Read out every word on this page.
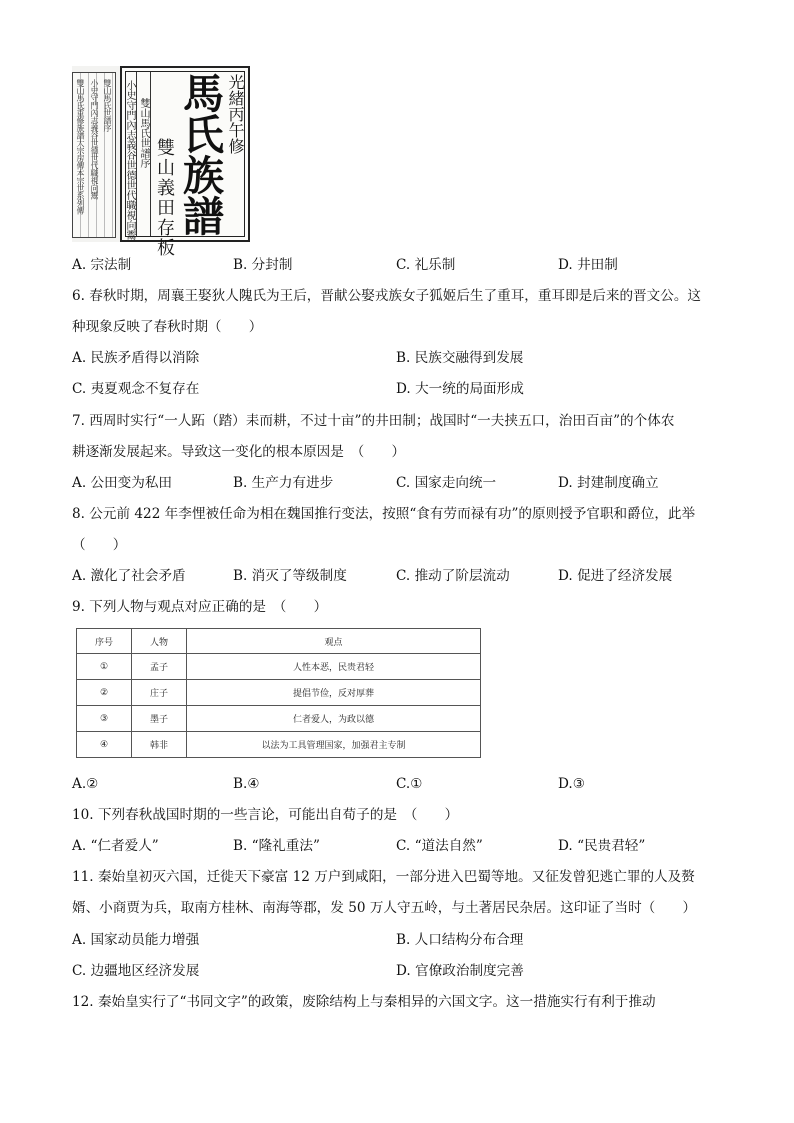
雙山馬氏重修族譜大宗房傳本宗世系列傳 小史守門內志義谷世德世代職視向鬻 雙山馬氏世譜序 小史守門內志義谷世德世代職視向鬻 雙山馬氏世譜序
雙山義田存板 馬氏族譜 光緒丙午修
A. 宗法制	B. 分封制	C. 礼乐制	D. 井田制
6. 春秋时期，周襄王娶狄人隗氏为王后，晋献公娶戎族女子狐姬后生了重耳，重耳即是后来的晋文公。这
种现象反映了春秋时期（　　）
A. 民族矛盾得以消除	B. 民族交融得到发展
C. 夷夏观念不复存在	D. 大一统的局面形成
7. 西周时实行“一人跖（踏）耒而耕，不过十亩”的井田制；战国时“一夫挟五口，治田百亩”的个体农
耕逐渐发展起来。导致这一变化的根本原因是　（　　）
A. 公田变为私田	B. 生产力有进步	C. 国家走向统一	D. 封建制度确立
8. 公元前 422 年李悝被任命为相在魏国推行变法，按照“食有劳而禄有功”的原则授予官职和爵位，此举
（　　）
A. 激化了社会矛盾	B. 消灭了等级制度	C. 推动了阶层流动	D. 促进了经济发展
9. 下列人物与观点对应正确的是　（　　）
序号	人物	观点
①	孟子	人性本恶，民贵君轻
②	庄子	提倡节俭，反对厚葬
③	墨子	仁者爱人，为政以德
④	韩非	以法为工具管理国家，加强君主专制
A.②	B.④	C.①	D.③
10. 下列春秋战国时期的一些言论，可能出自荀子的是　（　　）
A. “仁者爱人”	B. “隆礼重法”	C. “道法自然”	D. “民贵君轻”
11. 秦始皇初灭六国，迁徙天下豪富 12 万户到咸阳，一部分进入巴蜀等地。又征发曾犯逃亡罪的人及赘
婿、小商贾为兵，取南方桂林、南海等郡，发 50 万人守五岭，与土著居民杂居。这印证了当时（　　）
A. 国家动员能力增强	B. 人口结构分布合理
C. 边疆地区经济发展	D. 官僚政治制度完善
12. 秦始皇实行了“书同文字”的政策，废除结构上与秦相异的六国文字。这一措施实行有利于推动
